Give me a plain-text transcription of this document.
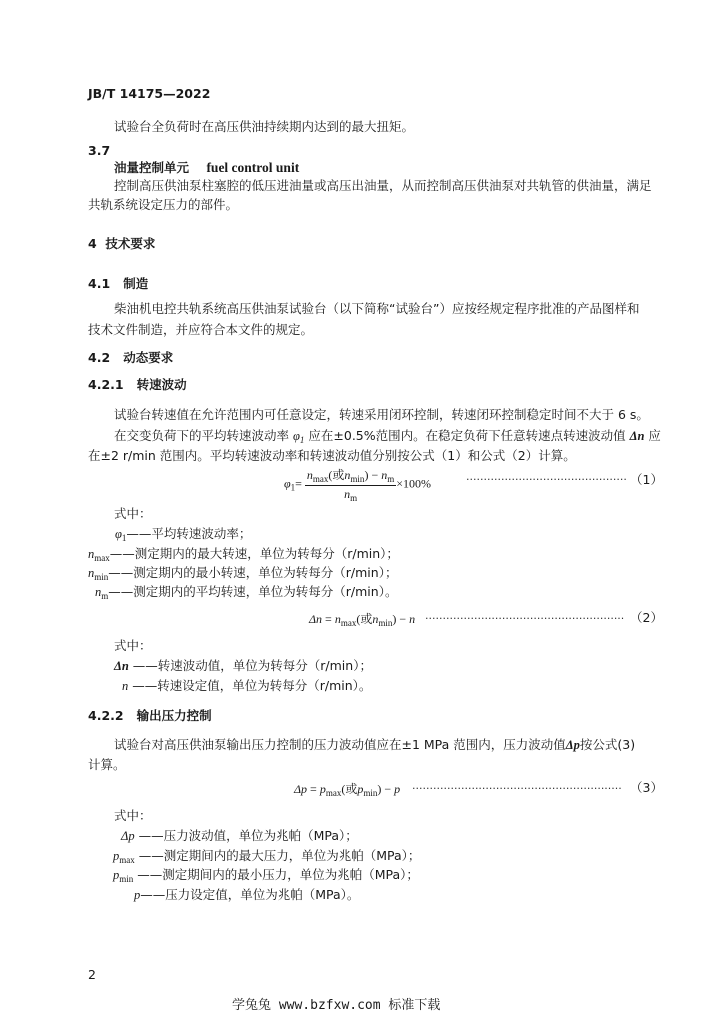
JB/T 14175—2022
试验台全负荷时在高压供油持续期内达到的最大扭矩。
3.7
油量控制单元 fuel control unit
控制高压供油泵柱塞腔的低压进油量或高压出油量，从而控制高压供油泵对共轨管的供油量，满足
共轨系统设定压力的部件。
4 技术要求
4.1 制造
柴油机电控共轨系统高压供油泵试验台（以下简称“试验台”）应按经规定程序批准的产品图样和
技术文件制造，并应符合本文件的规定。
4.2 动态要求
4.2.1 转速波动
试验台转速值在允许范围内可任意设定，转速采用闭环控制，转速闭环控制稳定时间不大于 6 s。
在交变负荷下的平均转速波动率 $\varphi_1$ 应在±0.5%范围内。在稳定负荷下任意转速点转速波动值 Δn 应
在±2 r/min 范围内。平均转速波动率和转速波动值分别按公式（1）和公式（2）计算。
$\varphi_1= \frac{n_{max}(或n_{min}) - n_m}{n_m} \times 100\%$	·············································· （1）
式中：
$\varphi_1——$平均转速波动率；
$n_{max}——$测定期内的最大转速，单位为转每分（r/min）；
$n_{min}——$测定期内的最小转速，单位为转每分（r/min）；
$n_m——$测定期内的平均转速，单位为转每分（r/min）。
$\Delta n = n_{max}$(或$n_{min}) - n$ ························································· （2）
式中：
Δn ——转速波动值，单位为转每分（r/min）；
n ——转速设定值，单位为转每分（r/min）。
4.2.2 输出压力控制
试验台对高压供油泵输出压力控制的压力波动值应在±1 MPa 范围内，压力波动值Δp按公式(3)
计算。
$\Delta p = p_{max}$(或$p_{min}) - p$ ···························································· （3）
式中：
Δp ——压力波动值，单位为兆帕（MPa）；
$p_{max}$ ——测定期间内的最大压力，单位为兆帕（MPa）；
$p_{min}$ ——测定期间内的最小压力，单位为兆帕（MPa）；
p——压力设定值，单位为兆帕（MPa）。
2
学兔兔 www.bzfxw.com 标准下载
